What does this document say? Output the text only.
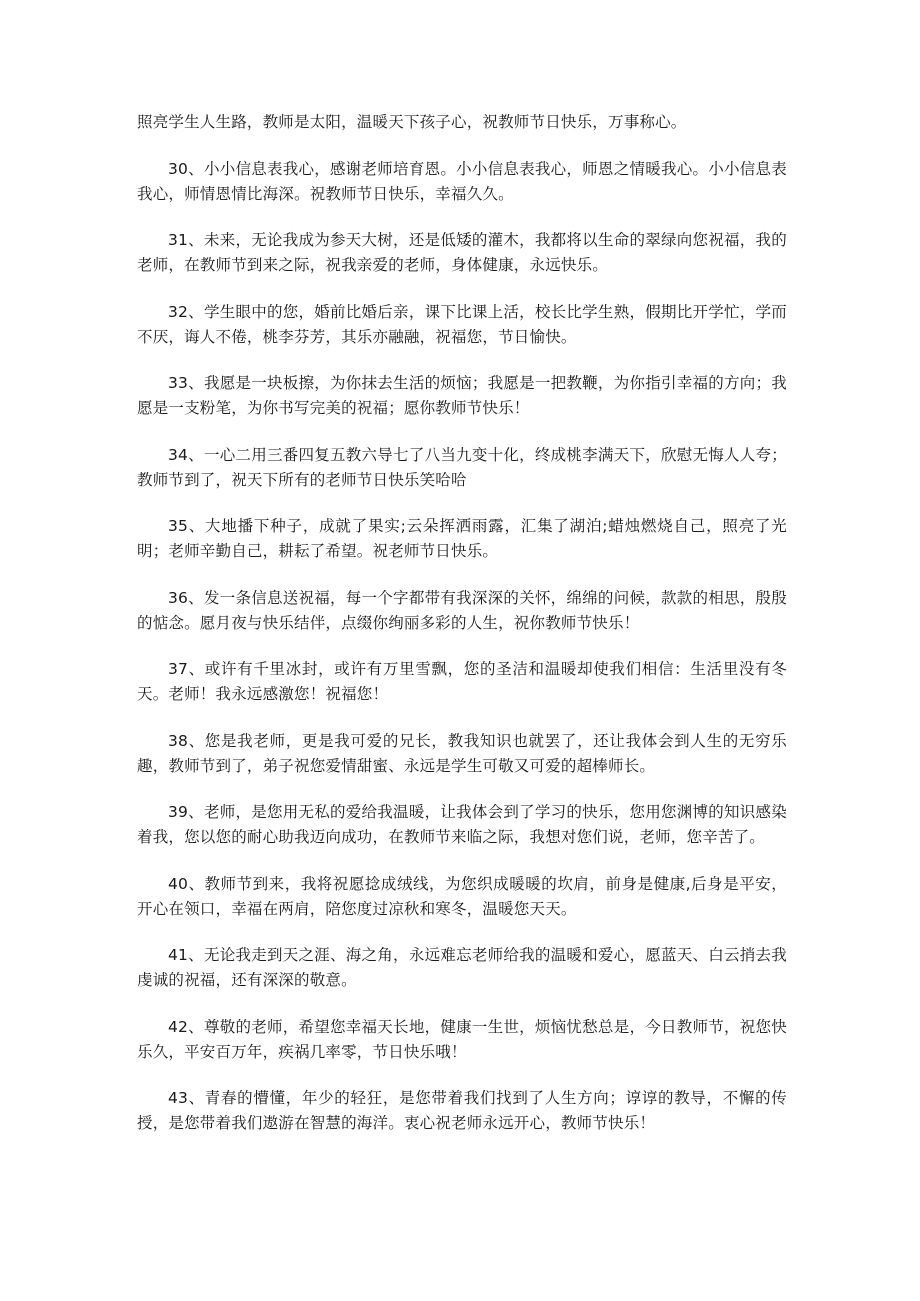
照亮学生人生路，教师是太阳，温暖天下孩子心，祝教师节日快乐，万事称心。

30、小小信息表我心，感谢老师培育恩。小小信息表我心，师恩之情暖我心。小小信息表我心，师情恩情比海深。祝教师节日快乐，幸福久久。

31、未来，无论我成为参天大树，还是低矮的灌木，我都将以生命的翠绿向您祝福，我的老师，在教师节到来之际，祝我亲爱的老师，身体健康，永远快乐。

32、学生眼中的您，婚前比婚后亲，课下比课上活，校长比学生熟，假期比开学忙，学而不厌，诲人不倦，桃李芬芳，其乐亦融融，祝福您，节日愉快。

33、我愿是一块板擦，为你抹去生活的烦恼；我愿是一把教鞭，为你指引幸福的方向；我愿是一支粉笔，为你书写完美的祝福；愿你教师节快乐！

34、一心二用三番四复五教六导七了八当九变十化，终成桃李满天下，欣慰无悔人人夸；教师节到了，祝天下所有的老师节日快乐笑哈哈

35、大地播下种子，成就了果实;云朵挥洒雨露，汇集了湖泊;蜡烛燃烧自己，照亮了光明；老师辛勤自己，耕耘了希望。祝老师节日快乐。

36、发一条信息送祝福，每一个字都带有我深深的关怀，绵绵的问候，款款的相思，殷殷的惦念。愿月夜与快乐结伴，点缀你绚丽多彩的人生，祝你教师节快乐！

37、或许有千里冰封，或许有万里雪飘，您的圣洁和温暖却使我们相信：生活里没有冬天。老师！我永远感激您！祝福您！

38、您是我老师，更是我可爱的兄长，教我知识也就罢了，还让我体会到人生的无穷乐趣，教师节到了，弟子祝您爱情甜蜜、永远是学生可敬又可爱的超棒师长。

39、老师，是您用无私的爱给我温暖，让我体会到了学习的快乐，您用您渊博的知识感染着我，您以您的耐心助我迈向成功，在教师节来临之际，我想对您们说，老师，您辛苦了。

40、教师节到来，我将祝愿捻成绒线，为您织成暖暖的坎肩，前身是健康,后身是平安，开心在领口，幸福在两肩，陪您度过凉秋和寒冬，温暖您天天。

41、无论我走到天之涯、海之角，永远难忘老师给我的温暖和爱心，愿蓝天、白云捎去我虔诚的祝福，还有深深的敬意。

42、尊敬的老师，希望您幸福天长地，健康一生世，烦恼忧愁总是，今日教师节，祝您快乐久，平安百万年，疾祸几率零，节日快乐哦！

43、青春的懵懂，年少的轻狂，是您带着我们找到了人生方向；谆谆的教导，不懈的传授，是您带着我们遨游在智慧的海洋。衷心祝老师永远开心，教师节快乐！
